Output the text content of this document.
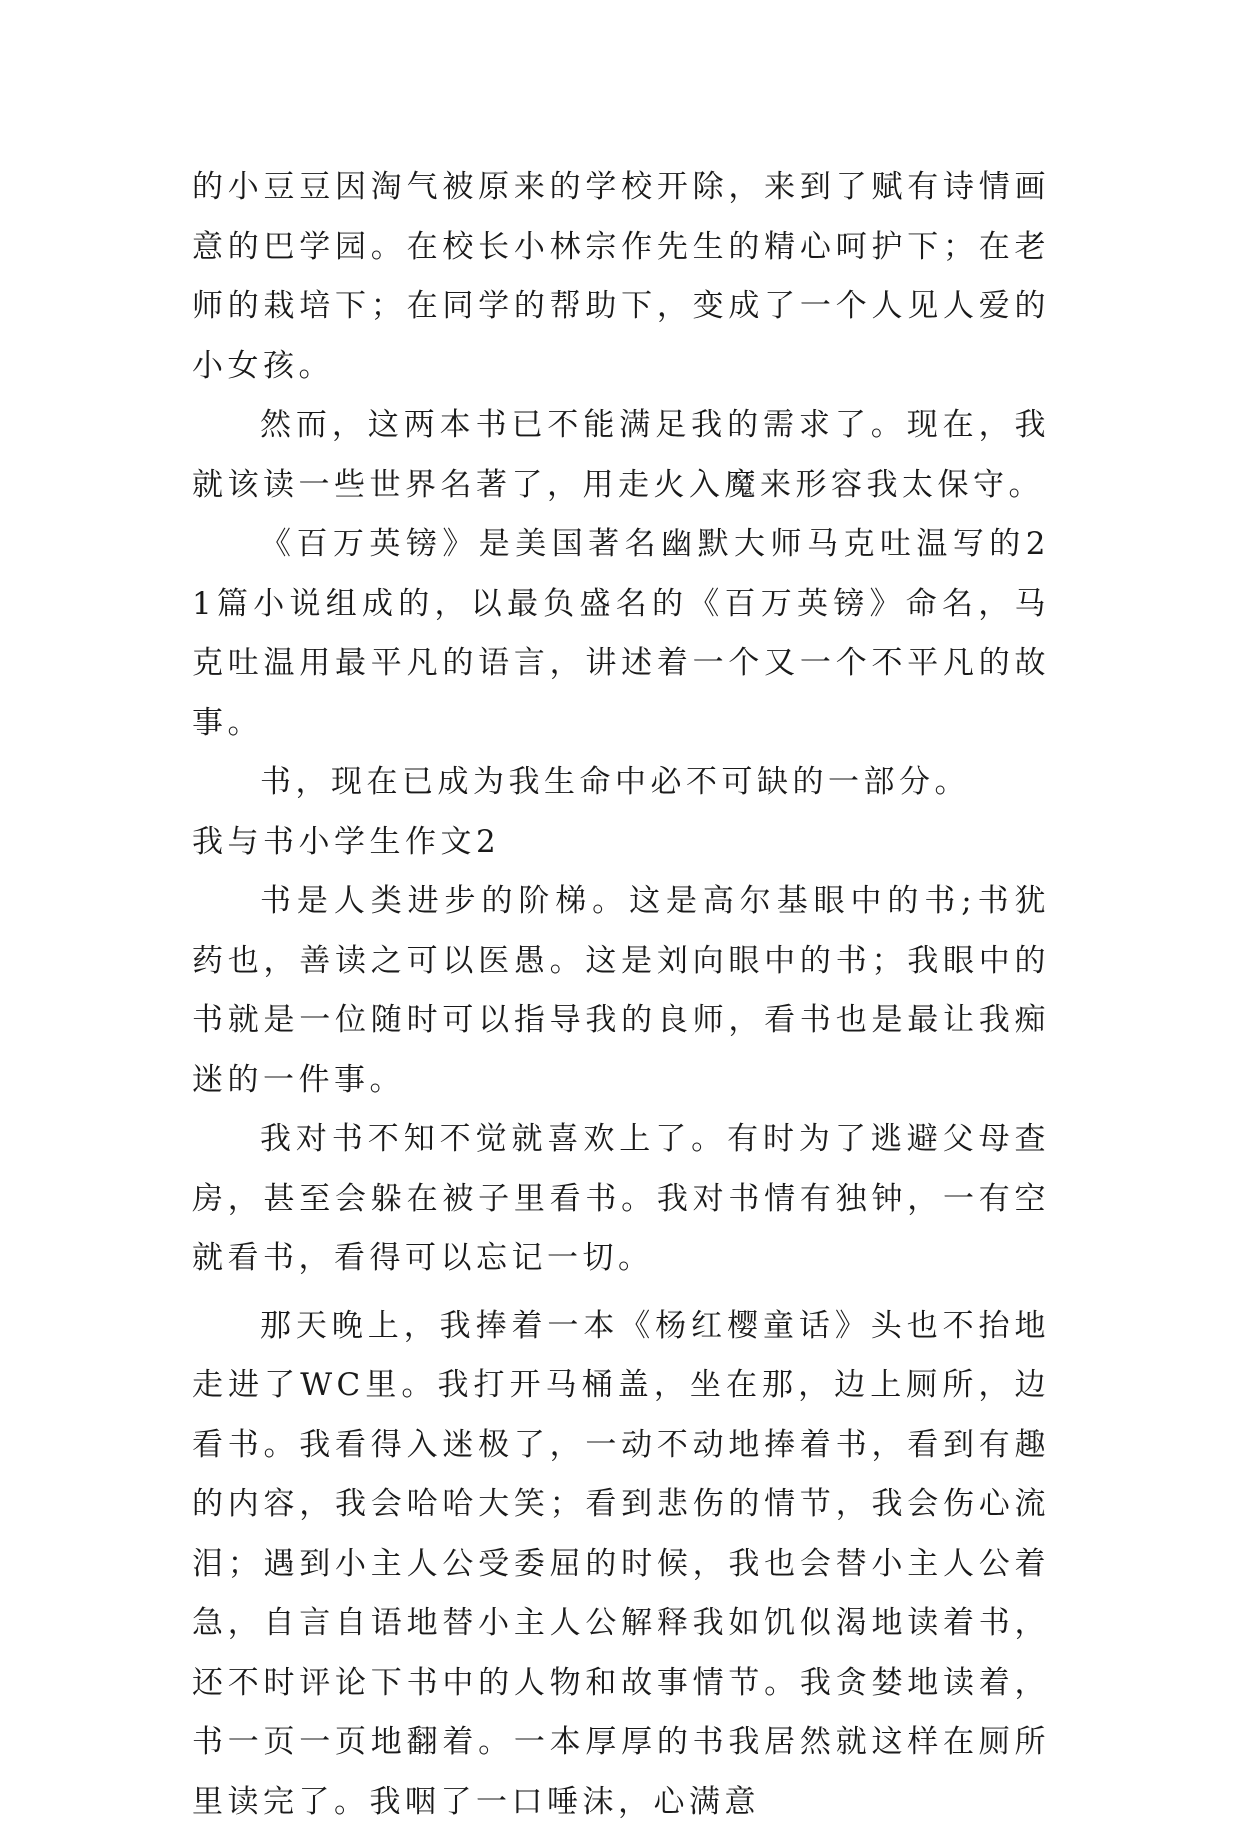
的小豆豆因淘气被原来的学校开除，来到了赋有诗情画意的巴学园。在校长小林宗作先生的精心呵护下；在老师的栽培下；在同学的帮助下，变成了一个人见人爱的小女孩。

然而，这两本书已不能满足我的需求了。现在，我就该读一些世界名著了，用走火入魔来形容我太保守。

《百万英镑》是美国著名幽默大师马克吐温写的21篇小说组成的，以最负盛名的《百万英镑》命名，马克吐温用最平凡的语言，讲述着一个又一个不平凡的故事。

书，现在已成为我生命中必不可缺的一部分。

我与书小学生作文2

书是人类进步的阶梯。这是高尔基眼中的书;书犹药也，善读之可以医愚。这是刘向眼中的书；我眼中的书就是一位随时可以指导我的良师，看书也是最让我痴迷的一件事。

我对书不知不觉就喜欢上了。有时为了逃避父母查房，甚至会躲在被子里看书。我对书情有独钟，一有空就看书，看得可以忘记一切。

那天晚上，我捧着一本《杨红樱童话》头也不抬地走进了WC里。我打开马桶盖，坐在那，边上厕所，边看书。我看得入迷极了，一动不动地捧着书，看到有趣的内容，我会哈哈大笑；看到悲伤的情节，我会伤心流泪；遇到小主人公受委屈的时候，我也会替小主人公着急，自言自语地替小主人公解释我如饥似渴地读着书，还不时评论下书中的人物和故事情节。我贪婪地读着，书一页一页地翻着。一本厚厚的书我居然就这样在厕所里读完了。我咽了一口唾沫，心满意
